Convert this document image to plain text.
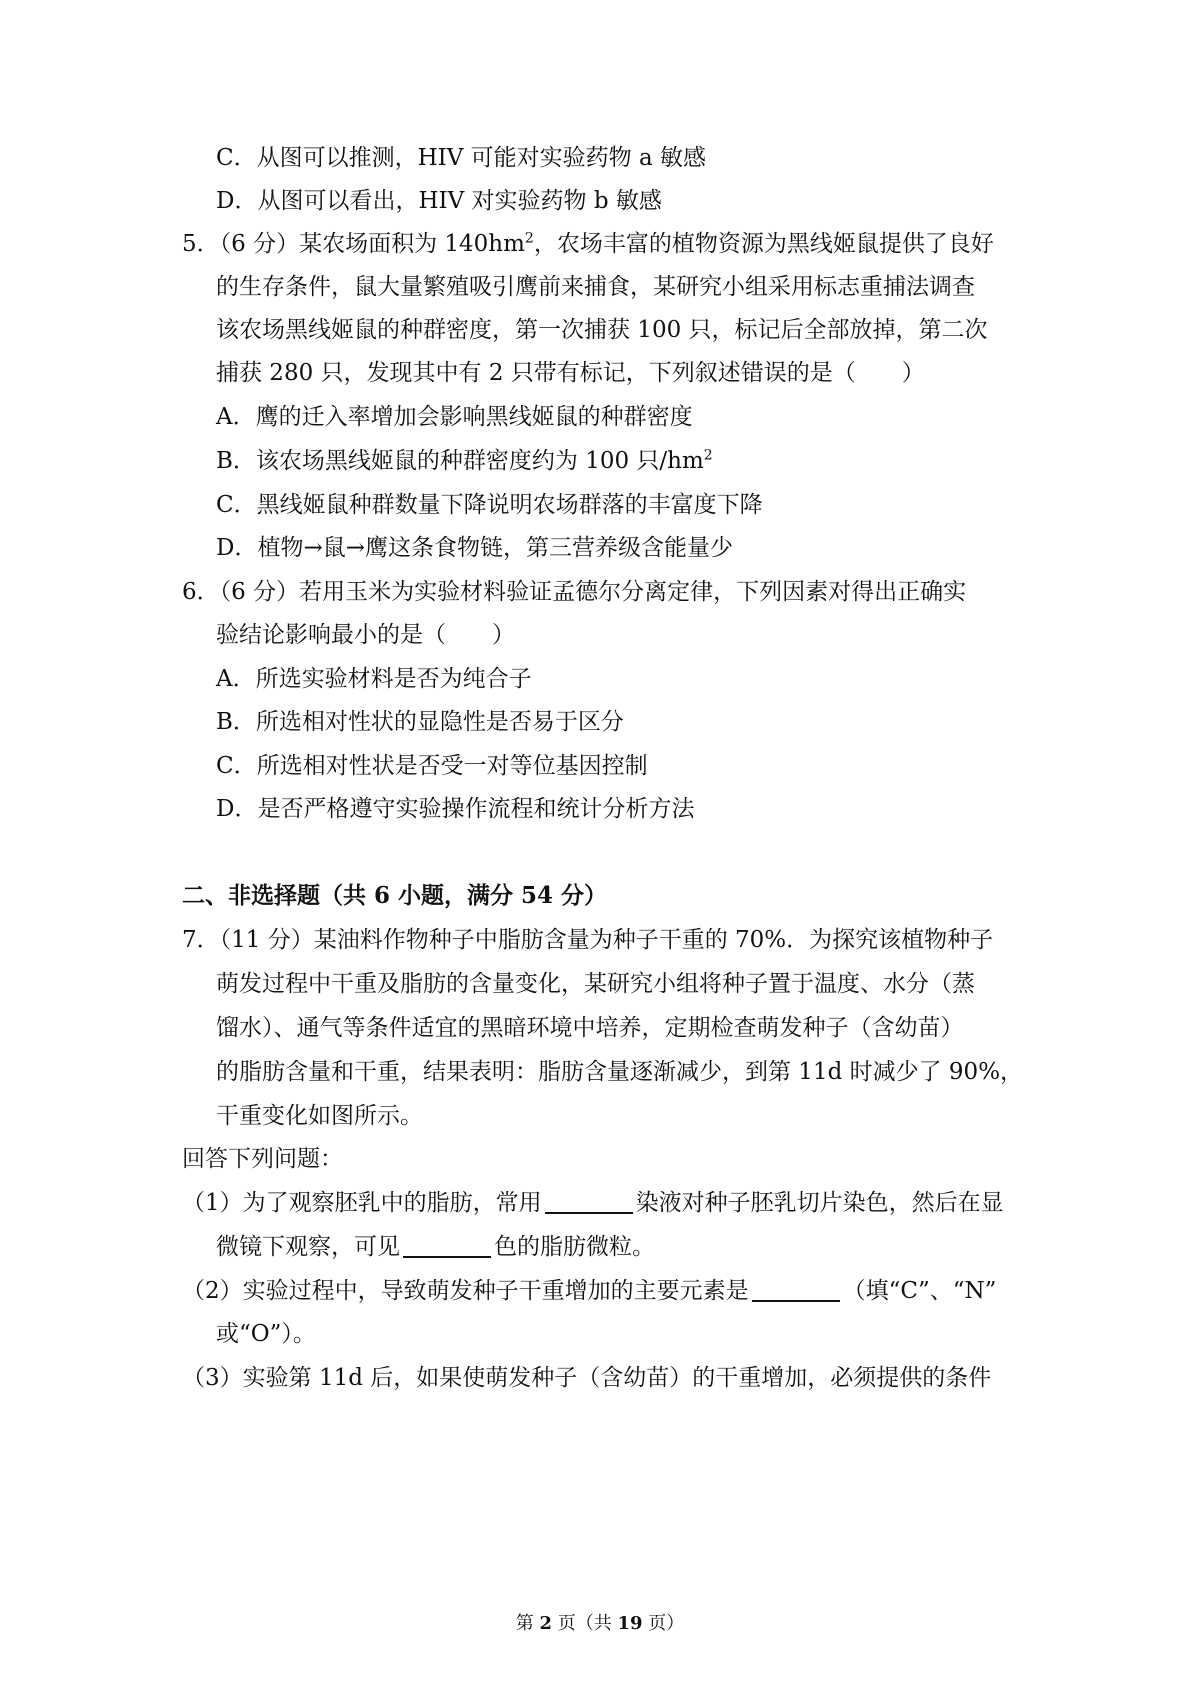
C．从图可以推测，HIV 可能对实验药物 a 敏感
D．从图可以看出，HIV 对实验药物 b 敏感
5．（6 分）某农场面积为 $140hm^2$，农场丰富的植物资源为黑线姬鼠提供了良好
的生存条件，鼠大量繁殖吸引鹰前来捕食，某研究小组采用标志重捕法调查
该农场黑线姬鼠的种群密度，第一次捕获 100 只，标记后全部放掉，第二次
捕获 280 只，发现其中有 2 只带有标记，下列叙述错误的是（　　）
A．鹰的迁入率增加会影响黑线姬鼠的种群密度
B．该农场黑线姬鼠的种群密度约为 100 只$/hm^2$
C．黑线姬鼠种群数量下降说明农场群落的丰富度下降
D．植物→鼠→鹰这条食物链，第三营养级含能量少
6．（6 分）若用玉米为实验材料验证孟德尔分离定律，下列因素对得出正确实
验结论影响最小的是（　　）
A．所选实验材料是否为纯合子
B．所选相对性状的显隐性是否易于区分
C．所选相对性状是否受一对等位基因控制
D．是否严格遵守实验操作流程和统计分析方法
二、非选择题（共 6 小题，满分 54 分）
7．（11 分）某油料作物种子中脂肪含量为种子干重的 70%．为探究该植物种子
萌发过程中干重及脂肪的含量变化，某研究小组将种子置于温度、水分（蒸
馏水）、通气等条件适宜的黑暗环境中培养，定期检查萌发种子（含幼苗）
的脂肪含量和干重，结果表明：脂肪含量逐渐减少，到第 11d 时减少了 90%，
干重变化如图所示。
回答下列问题：
（1）为了观察胚乳中的脂肪，常用	染液对种子胚乳切片染色，然后在显
微镜下观察，可见	色的脂肪微粒。
（2）实验过程中，导致萌发种子干重增加的主要元素是	（填“C”、“N”
或“O”）。
（3）实验第 11d 后，如果使萌发种子（含幼苗）的干重增加，必须提供的条件
第 2 页（共 19 页）
